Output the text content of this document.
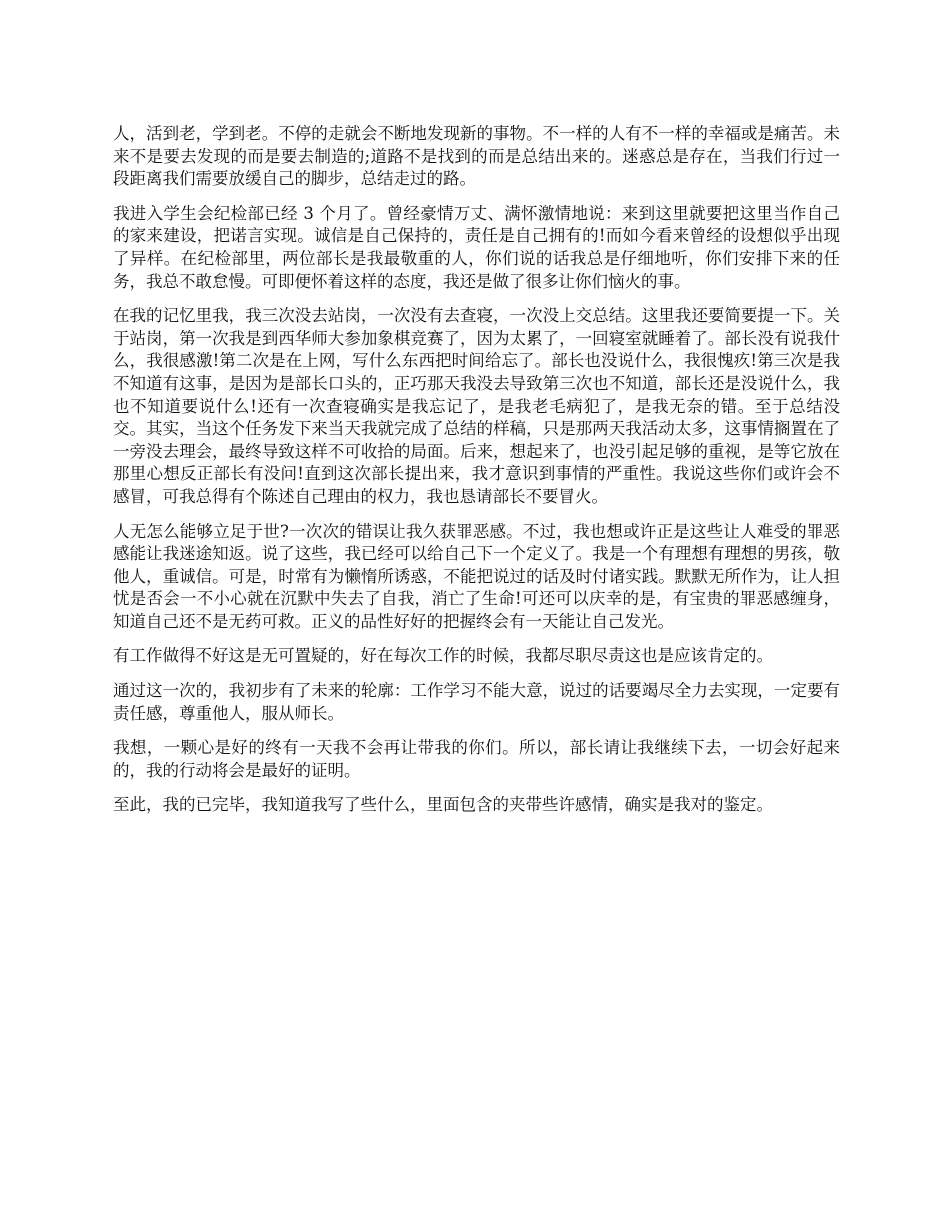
人，活到老，学到老。不停的走就会不断地发现新的事物。不一样的人有不一样的幸福或是痛苦。未来不是要去发现的而是要去制造的;道路不是找到的而是总结出来的。迷惑总是存在，当我们行过一段距离我们需要放缓自己的脚步，总结走过的路。

我进入学生会纪检部已经 3 个月了。曾经豪情万丈、满怀激情地说：来到这里就要把这里当作自己的家来建设，把诺言实现。诚信是自己保持的，责任是自己拥有的!而如今看来曾经的设想似乎出现了异样。在纪检部里，两位部长是我最敬重的人，你们说的话我总是仔细地听，你们安排下来的任务，我总不敢怠慢。可即便怀着这样的态度，我还是做了很多让你们恼火的事。

在我的记忆里我，我三次没去站岗，一次没有去查寝，一次没上交总结。这里我还要简要提一下。关于站岗，第一次我是到西华师大参加象棋竞赛了，因为太累了，一回寝室就睡着了。部长没有说我什么，我很感激!第二次是在上网，写什么东西把时间给忘了。部长也没说什么，我很愧疚!第三次是我不知道有这事，是因为是部长口头的，正巧那天我没去导致第三次也不知道，部长还是没说什么，我也不知道要说什么!还有一次查寝确实是我忘记了，是我老毛病犯了，是我无奈的错。至于总结没交。其实，当这个任务发下来当天我就完成了总结的样稿，只是那两天我活动太多，这事情搁置在了一旁没去理会，最终导致这样不可收拾的局面。后来，想起来了，也没引起足够的重视，是等它放在那里心想反正部长有没问!直到这次部长提出来，我才意识到事情的严重性。我说这些你们或许会不感冒，可我总得有个陈述自己理由的权力，我也恳请部长不要冒火。

人无怎么能够立足于世?一次次的错误让我久获罪恶感。不过，我也想或许正是这些让人难受的罪恶感能让我迷途知返。说了这些，我已经可以给自己下一个定义了。我是一个有理想有理想的男孩，敬他人，重诚信。可是，时常有为懒惰所诱惑，不能把说过的话及时付诸实践。默默无所作为，让人担忧是否会一不小心就在沉默中失去了自我，消亡了生命!可还可以庆幸的是，有宝贵的罪恶感缠身，知道自己还不是无药可救。正义的品性好好的把握终会有一天能让自己发光。

有工作做得不好这是无可置疑的，好在每次工作的时候，我都尽职尽责这也是应该肯定的。

通过这一次的，我初步有了未来的轮廓：工作学习不能大意，说过的话要竭尽全力去实现，一定要有责任感，尊重他人，服从师长。

我想，一颗心是好的终有一天我不会再让带我的你们。所以，部长请让我继续下去，一切会好起来的，我的行动将会是最好的证明。

至此，我的已完毕，我知道我写了些什么，里面包含的夹带些许感情，确实是我对的鉴定。
